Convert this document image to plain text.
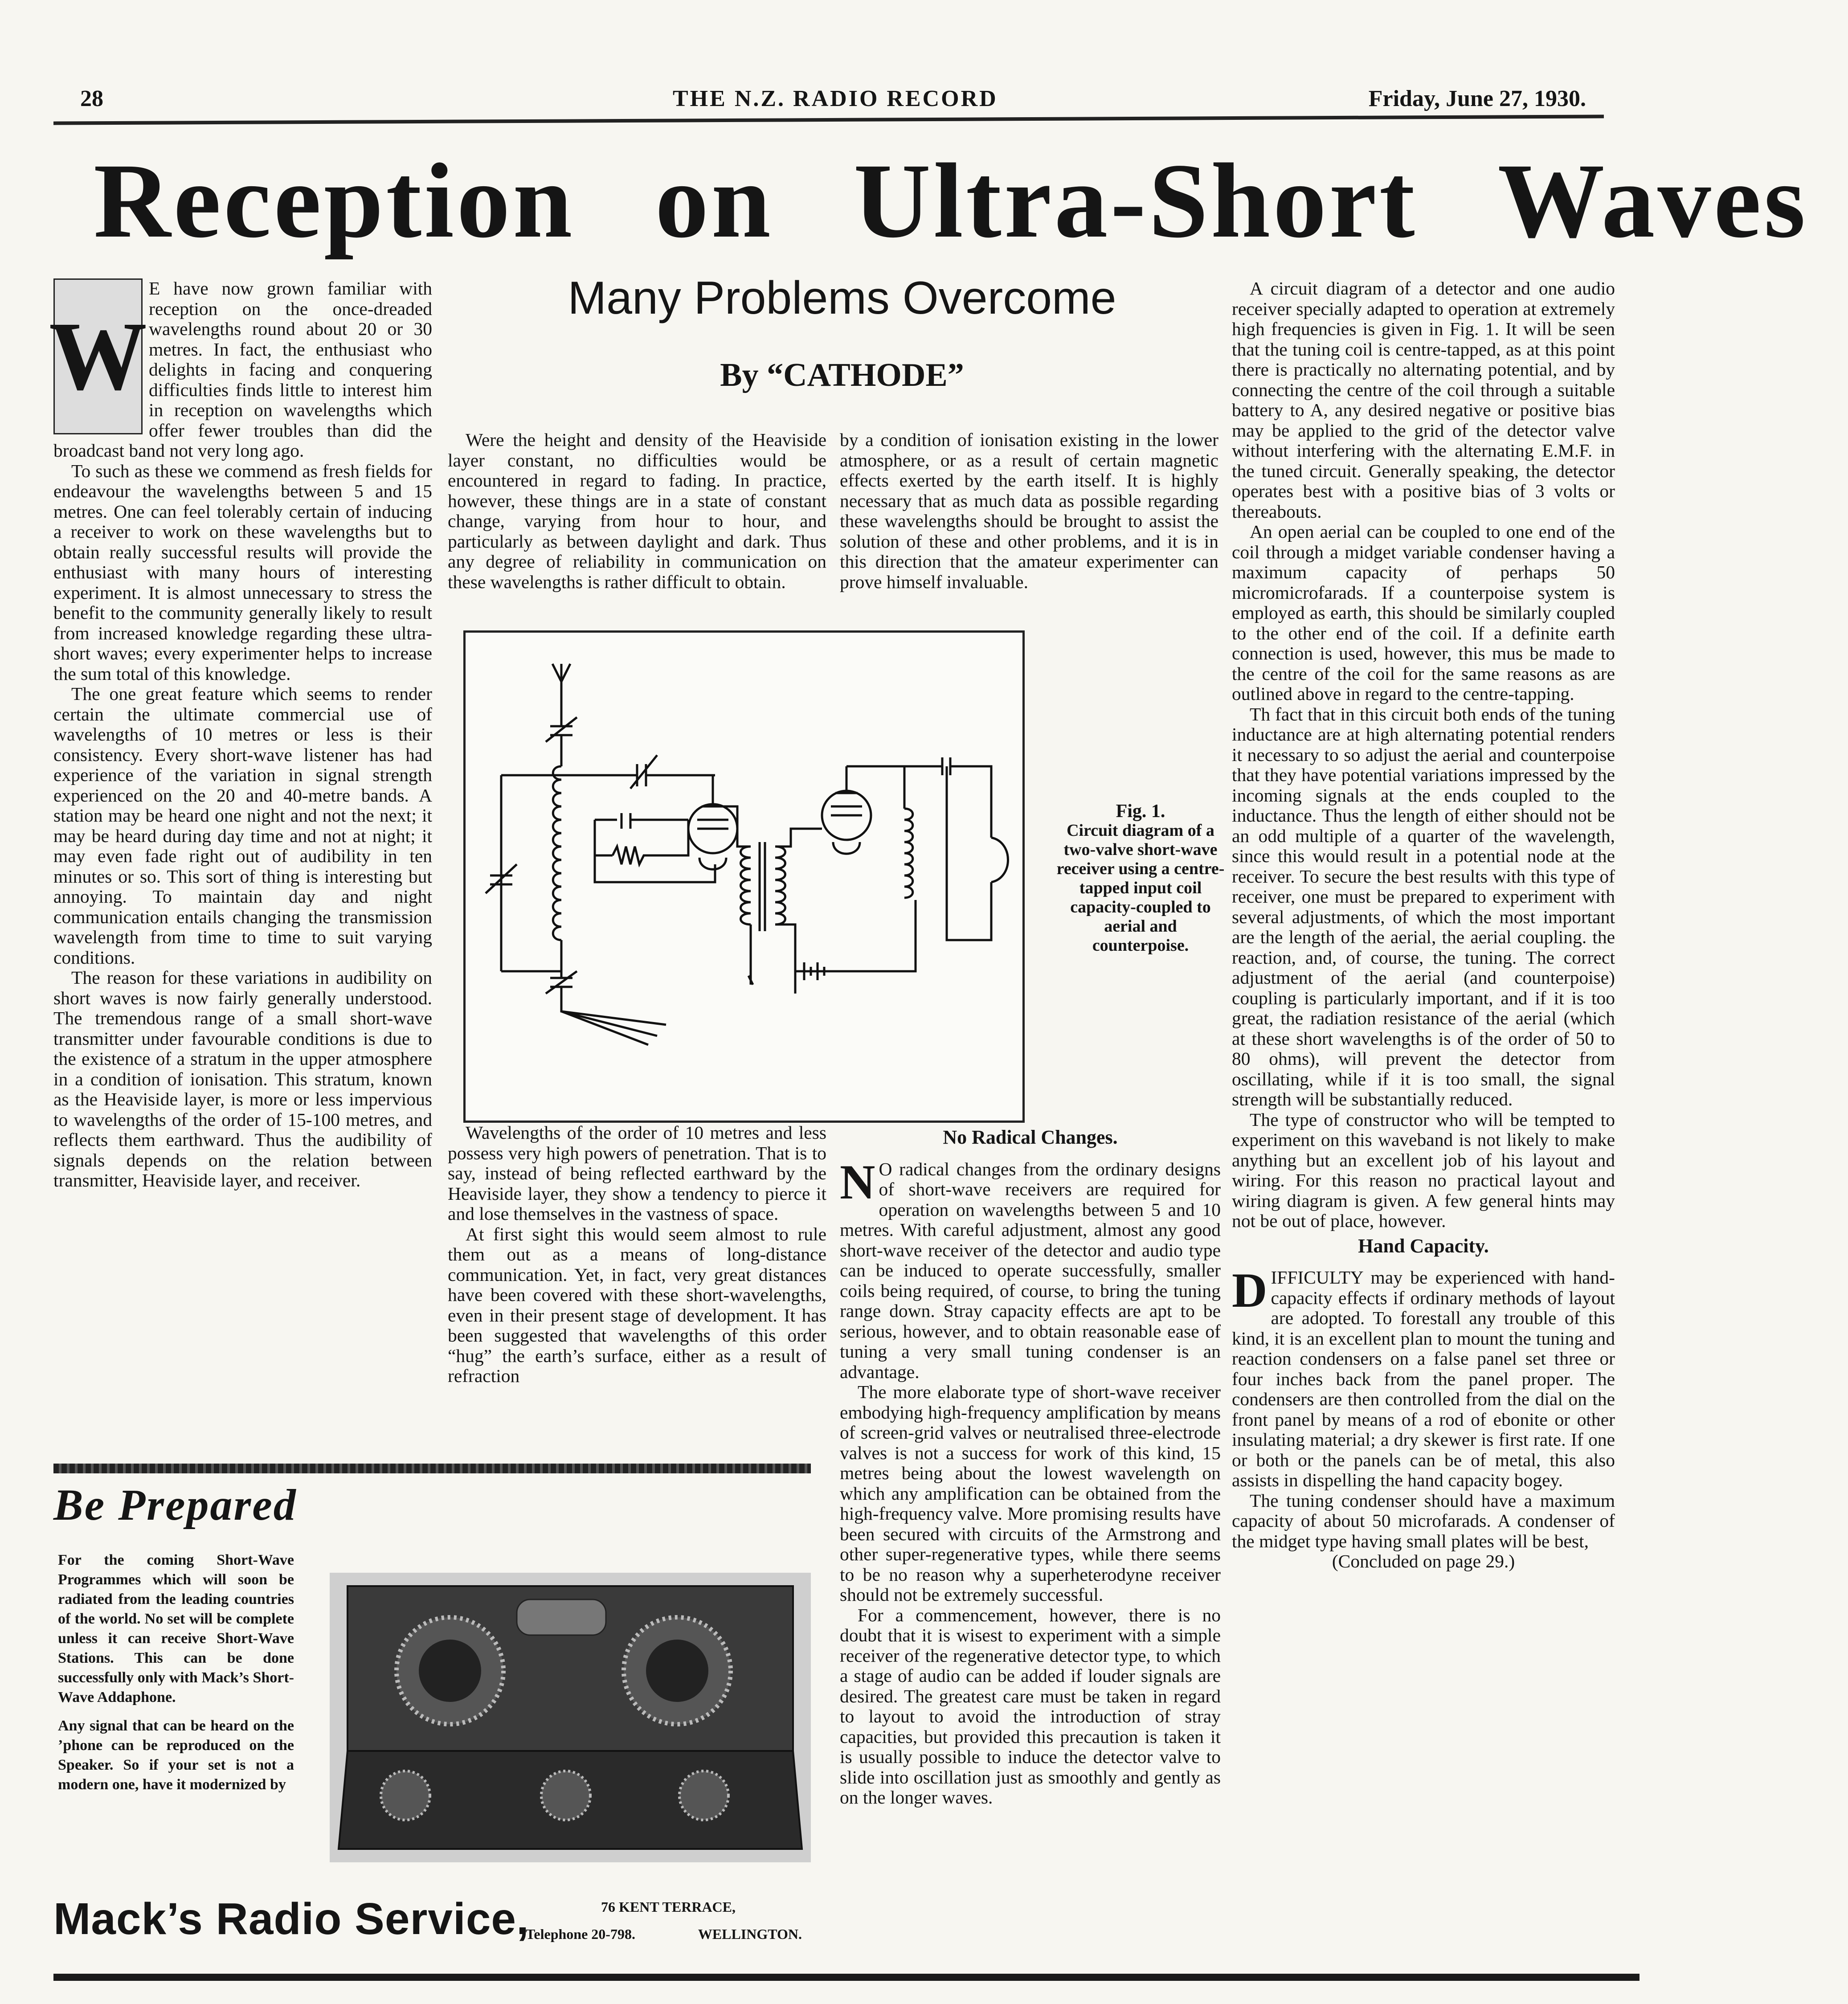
28	THE N.Z. RADIO RECORD	Friday, June 27, 1930.
Reception on Ultra-Short Waves
Many Problems Overcome
By “CATHODE”
W

E have now grown familiar with reception on the once-dreaded wavelengths round about 20 or 30 metres. In fact, the enthusiast who delights in facing and conquering difficulties finds little to interest him in reception on wavelengths which offer fewer troubles than did the broadcast band not very long ago.

To such as these we commend as fresh fields for endeavour the wavelengths between 5 and 15 metres. One can feel tolerably certain of inducing a receiver to work on these wavelengths but to obtain really successful results will provide the enthusiast with many hours of interesting experiment. It is almost unnecessary to stress the benefit to the community generally likely to result from increased knowledge regarding these ultra-short waves; every experimenter helps to increase the sum total of this knowledge.

The one great feature which seems to render certain the ultimate commercial use of wavelengths of 10 metres or less is their consistency. Every short-wave listener has had experience of the variation in signal strength experienced on the 20 and 40-metre bands. A station may be heard one night and not the next; it may be heard during day time and not at night; it may even fade right out of audibility in ten minutes or so. This sort of thing is interesting but annoying. To maintain day and night communication entails changing the transmission wavelength from time to time to suit varying conditions.

The reason for these variations in audibility on short waves is now fairly generally understood. The tremendous range of a small short-wave transmitter under favourable conditions is due to the existence of a stratum in the upper atmosphere in a condition of ionisation. This stratum, known as the Heaviside layer, is more or less impervious to wavelengths of the order of 15-100 metres, and reflects them earthward. Thus the audibility of signals depends on the relation between transmitter, Heaviside layer, and receiver.

Were the height and density of the Heaviside layer constant, no difficulties would be encountered in regard to fading. In practice, however, these things are in a state of constant change, varying from hour to hour, and particularly as between daylight and dark. Thus any degree of reliability in communication on these wavelengths is rather difficult to obtain.

by a condition of ionisation existing in the lower atmosphere, or as a result of certain magnetic effects exerted by the earth itself. It is highly necessary that as much data as possible regarding these wavelengths should be brought to assist the solution of these and other problems, and it is in this direction that the amateur experimenter can prove himself invaluable.

Fig. 1.
Circuit diagram of a two-valve short-wave receiver using a centre-tapped input coil capacity-coupled to aerial and counterpoise.

Wavelengths of the order of 10 metres and less possess very high powers of penetration. That is to say, instead of being reflected earthward by the Heaviside layer, they show a tendency to pierce it and lose themselves in the vastness of space.

At first sight this would seem almost to rule them out as a means of long-distance communication. Yet, in fact, very great distances have been covered with these short-wavelengths, even in their present stage of development. It has been suggested that wavelengths of this order “hug” the earth’s surface, either as a result of refraction

No Radical Changes.

N O radical changes from the ordinary designs of short-wave receivers are required for operation on wavelengths between 5 and 10 metres. With careful adjustment, almost any good short-wave receiver of the detector and audio type can be induced to operate successfully, smaller coils being required, of course, to bring the tuning range down. Stray capacity effects are apt to be serious, however, and to obtain reasonable ease of tuning a very small tuning condenser is an advantage.

The more elaborate type of short-wave receiver embodying high-frequency amplification by means of screen-grid valves or neutralised three-electrode valves is not a success for work of this kind, 15 metres being about the lowest wavelength on which any amplification can be obtained from the high-frequency valve. More promising results have been secured with circuits of the Armstrong and other super-regenerative types, while there seems to be no reason why a superheterodyne receiver should not be extremely successful.

For a commencement, however, there is no doubt that it is wisest to experiment with a simple receiver of the regenerative detector type, to which a stage of audio can be added if louder signals are desired. The greatest care must be taken in regard to layout to avoid the introduction of stray capacities, but provided this precaution is taken it is usually possible to induce the detector valve to slide into oscillation just as smoothly and gently as on the longer waves.

A circuit diagram of a detector and one audio receiver specially adapted to operation at extremely high frequencies is given in Fig. 1. It will be seen that the tuning coil is centre-tapped, as at this point there is practically no alternating potential, and by connecting the centre of the coil through a suitable battery to A, any desired negative or positive bias may be applied to the grid of the detector valve without interfering with the alternating E.M.F. in the tuned circuit. Generally speaking, the detector operates best with a positive bias of 3 volts or thereabouts.

An open aerial can be coupled to one end of the coil through a midget variable condenser having a maximum capacity of perhaps 50 micromicrofarads. If a counterpoise system is employed as earth, this should be similarly coupled to the other end of the coil. If a definite earth connection is used, however, this mus be made to the centre of the coil for the same reasons as are outlined above in regard to the centre-tapping.

Th fact that in this circuit both ends of the tuning inductance are at high alternating potential renders it necessary to so adjust the aerial and counterpoise that they have potential variations impressed by the incoming signals at the ends coupled to the inductance. Thus the length of either should not be an odd multiple of a quarter of the wavelength, since this would result in a potential node at the receiver. To secure the best results with this type of receiver, one must be prepared to experiment with several adjustments, of which the most important are the length of the aerial, the aerial coupling. the reaction, and, of course, the tuning. The correct adjustment of the aerial (and counterpoise) coupling is particularly important, and if it is too great, the radiation resistance of the aerial (which at these short wavelengths is of the order of 50 to 80 ohms), will prevent the detector from oscillating, while if it is too small, the signal strength will be substantially reduced.

The type of constructor who will be tempted to experiment on this waveband is not likely to make anything but an excellent job of his layout and wiring. For this reason no practical layout and wiring diagram is given. A few general hints may not be out of place, however.

Hand Capacity.

DIFFICULTY may be experienced with hand-capacity effects if ordinary methods of layout are adopted. To forestall any trouble of this kind, it is an excellent plan to mount the tuning and reaction condensers on a false panel set three or four inches back from the panel proper. The condensers are then controlled from the dial on the front panel by means of a rod of ebonite or other insulating material; a dry skewer is first rate. If one or both or the panels can be of metal, this also assists in dispelling the hand capacity bogey.

The tuning condenser should have a maximum capacity of about 50 microfarads. A condenser of the midget type having small plates will be best,

(Concluded on page 29.)
Be Prepared

For the coming Short-Wave Programmes which will soon be radiated from the leading countries of the world. No set will be complete unless it can receive Short-Wave Stations. This can be done successfully only with Mack’s Short-Wave Addaphone.

Any signal that can be heard on the ’phone can be reproduced on the Speaker. So if your set is not a modern one, have it modernized by

Mack’s Radio Service,	76 KENT TERRACE,
Telephone 20-798.	WELLINGTON.
